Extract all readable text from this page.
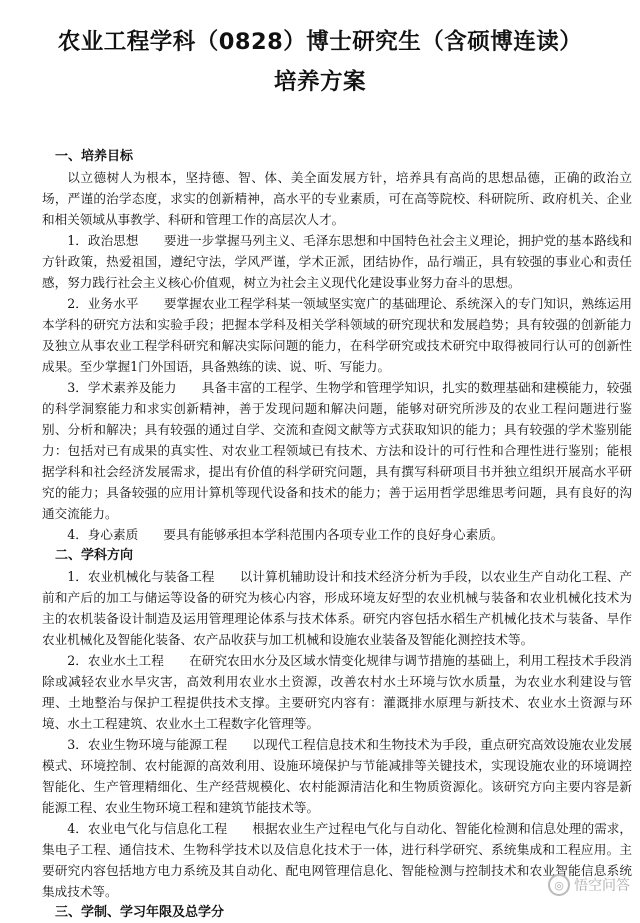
农业工程学科（0828）博士研究生（含硕博连读）
培养方案
一、培养目标

以立德树人为根本，坚持德、智、体、美全面发展方针，培养具有高尚的思想品德，正确的政治立场，严谨的治学态度，求实的创新精神，高水平的专业素质，可在高等院校、科研院所、政府机关、企业和相关领域从事教学、科研和管理工作的高层次人才。

1．政治思想　　要进一步掌握马列主义、毛泽东思想和中国特色社会主义理论，拥护党的基本路线和方针政策，热爱祖国，遵纪守法，学风严谨，学术正派，团结协作，品行端正，具有较强的事业心和责任感，努力践行社会主义核心价值观，树立为社会主义现代化建设事业努力奋斗的思想。

2．业务水平　　要掌握农业工程学科某一领域坚实宽广的基础理论、系统深入的专门知识，熟练运用本学科的研究方法和实验手段；把握本学科及相关学科领域的研究现状和发展趋势；具有较强的创新能力及独立从事农业工程学科研究和解决实际问题的能力，在科学研究或技术研究中取得被同行认可的创新性成果。至少掌握1门外国语，具备熟练的读、说、听、写能力。

3．学术素养及能力　　具备丰富的工程学、生物学和管理学知识，扎实的数理基础和建模能力，较强的科学洞察能力和求实创新精神，善于发现问题和解决问题，能够对研究所涉及的农业工程问题进行鉴别、分析和解决；具有较强的通过自学、交流和查阅文献等方式获取知识的能力；具有较强的学术鉴别能力：包括对已有成果的真实性、对农业工程领域已有技术、方法和设计的可行性和合理性进行鉴别；能根据学科和社会经济发展需求，提出有价值的科学研究问题，具有撰写科研项目书并独立组织开展高水平研究的能力；具备较强的应用计算机等现代设备和技术的能力；善于运用哲学思维思考问题，具有良好的沟通交流能力。

4．身心素质　　要具有能够承担本学科范围内各项专业工作的良好身心素质。

二、学科方向

1．农业机械化与装备工程　　以计算机辅助设计和技术经济分析为手段，以农业生产自动化工程、产前和产后的加工与储运等设备的研究为核心内容，形成环境友好型的农业机械与装备和农业机械化技术为主的农机装备设计制造及运用管理理论体系与技术体系。研究内容包括水稻生产机械化技术与装备、旱作农业机械化及智能化装备、农产品收获与加工机械和设施农业装备及智能化测控技术等。

2．农业水土工程　　在研究农田水分及区域水情变化规律与调节措施的基础上，利用工程技术手段消除或减轻农业水旱灾害，高效利用农业水土资源，改善农村水土环境与饮水质量，为农业水利建设与管理、土地整治与保护工程提供技术支撑。主要研究内容有：灌溉排水原理与新技术、农业水土资源与环境、水土工程建筑、农业水土工程数字化管理等。

3．农业生物环境与能源工程　　以现代工程信息技术和生物技术为手段，重点研究高效设施农业发展模式、环境控制、农村能源的高效利用、设施环境保护与节能减排等关键技术，实现设施农业的环境调控智能化、生产管理精细化、生产经营规模化、农村能源清洁化和生物质资源化。该研究方向主要内容是新能源工程、农业生物环境工程和建筑节能技术等。

4．农业电气化与信息化工程　　根据农业生产过程电气化与自动化、智能化检测和信息处理的需求，集电子工程、通信技术、生物科学技术以及信息化技术于一体，进行科学研究、系统集成和工程应用。主要研究内容包括地方电力系统及其自动化、配电网管理信息化、智能检测与控制技术和农业智能信息系统集成技术等。

三、学制、学习年限及总学分
◎ 悟空问答
